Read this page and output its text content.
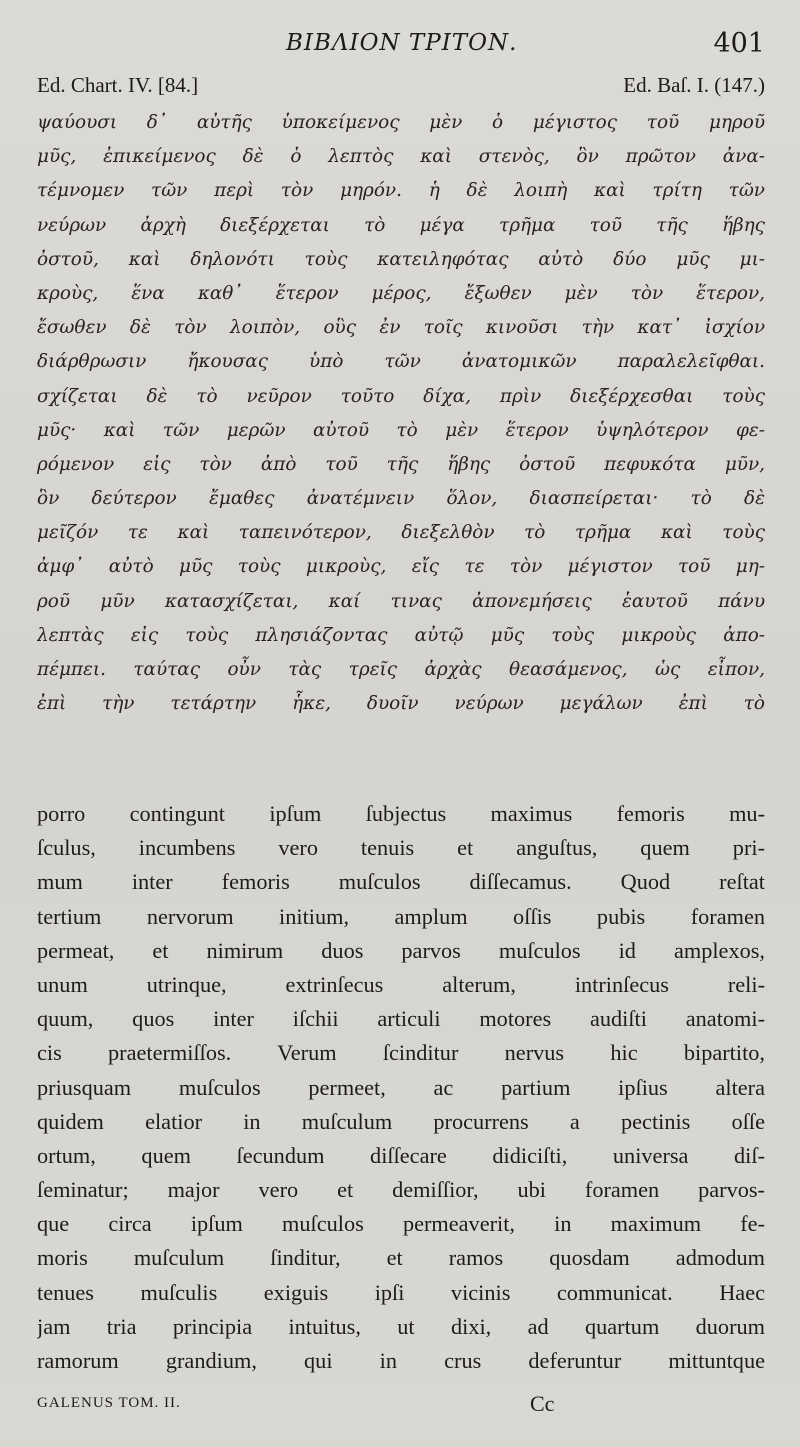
ΒΙΒΛΙΟΝ ΤΡΙΤΟΝ.	401
Ed. Chart. IV. [84.]	Ed. Baſ. I. (147.)
ψαύουσι δ᾽ αὐτῆς ὑποκείμενος μὲν ὁ μέγιστος τοῦ μηροῦ
μῦς, ἐπικείμενος δὲ ὁ λεπτὸς καὶ στενὸς, ὃν πρῶτον ἀνα-
τέμνομεν τῶν περὶ τὸν μηρόν. ἡ δὲ λοιπὴ καὶ τρίτη τῶν
νεύρων ἀρχὴ διεξέρχεται τὸ μέγα τρῆμα τοῦ τῆς ἥβης
ὀστοῦ, καὶ δηλονότι τοὺς κατειληφότας αὐτὸ δύο μῦς μι-
κροὺς, ἕνα καθ᾽ ἕτερον μέρος, ἔξωθεν μὲν τὸν ἕτερον,
ἔσωθεν δὲ τὸν λοιπὸν, οὓς ἐν τοῖς κινοῦσι τὴν κατ᾽ ἰσχίον
διάρθρωσιν ἤκουσας ὑπὸ τῶν ἀνατομικῶν παραλελεῖφθαι.
σχίζεται δὲ τὸ νεῦρον τοῦτο δίχα, πρὶν διεξέρχεσθαι τοὺς
μῦς· καὶ τῶν μερῶν αὐτοῦ τὸ μὲν ἕτερον ὑψηλότερον φε-
ρόμενον εἰς τὸν ἀπὸ τοῦ τῆς ἥβης ὀστοῦ πεφυκότα μῦν,
ὃν δεύτερον ἔμαθες ἀνατέμνειν ὅλον, διασπείρεται· τὸ δὲ
μεῖζόν τε καὶ ταπεινότερον, διεξελθὸν τὸ τρῆμα καὶ τοὺς
ἀμφ᾽ αὐτὸ μῦς τοὺς μικροὺς, εἴς τε τὸν μέγιστον τοῦ μη-
ροῦ μῦν κατασχίζεται, καί τινας ἀπονεμήσεις ἑαυτοῦ πάνυ
λεπτὰς εἰς τοὺς πλησιάζοντας αὐτῷ μῦς τοὺς μικροὺς ἀπο-
πέμπει. ταύτας οὖν τὰς τρεῖς ἀρχὰς θεασάμενος, ὡς εἶπον,
ἐπὶ τὴν τετάρτην ἧκε, δυοῖν νεύρων μεγάλων ἐπὶ τὸ
porro contingunt ipſum ſubjectus maximus femoris mu-
ſculus, incumbens vero tenuis et anguſtus, quem pri-
mum inter femoris muſculos diſſecamus. Quod reſtat
tertium nervorum initium, amplum oſſis pubis foramen
permeat, et nimirum duos parvos muſculos id amplexos,
unum utrinque, extrinſecus alterum, intrinſecus reli-
quum, quos inter iſchii articuli motores audiſti anatomi-
cis praetermiſſos. Verum ſcinditur nervus hic bipartito,
priusquam muſculos permeet, ac partium ipſius altera
quidem elatior in muſculum procurrens a pectinis oſſe
ortum, quem ſecundum diſſecare didiciſti, universa diſ-
ſeminatur; major vero et demiſſior, ubi foramen parvos-
que circa ipſum muſculos permeaverit, in maximum fe-
moris muſculum ſinditur, et ramos quosdam admodum
tenues muſculis exiguis ipſi vicinis communicat. Haec
jam tria principia intuitus, ut dixi, ad quartum duorum
ramorum grandium, qui in crus deferuntur mittuntque
GALENUS TOM. II.	Cc
